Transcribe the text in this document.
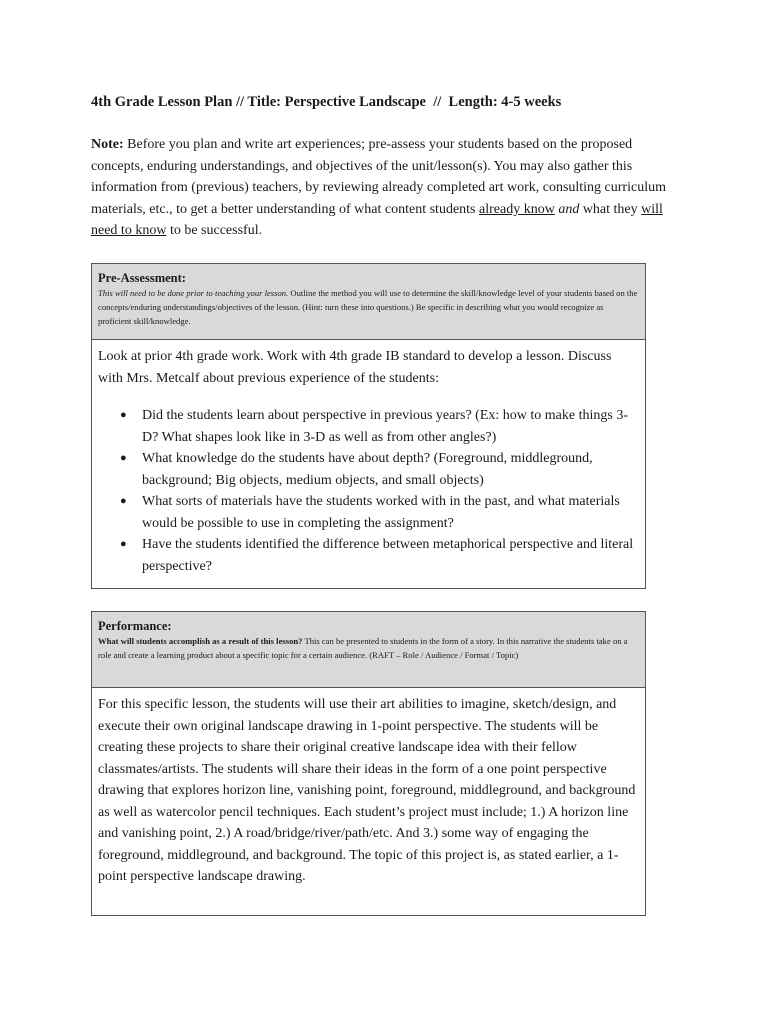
4th Grade Lesson Plan // Title: Perspective Landscape  //  Length: 4-5 weeks
Note: Before you plan and write art experiences; pre-assess your students based on the proposed concepts, enduring understandings, and objectives of the unit/lesson(s). You may also gather this information from (previous) teachers, by reviewing already completed art work, consulting curriculum materials, etc., to get a better understanding of what content students already know and what they will need to know to be successful.
Pre-Assessment:
This will need to be done prior to teaching your lesson. Outline the method you will use to determine the skill/knowledge level of your students based on the concepts/enduring understandings/objectives of the lesson. (Hint: turn these into questions.) Be specific in describing what you would recognize as proficient skill/knowledge.
Look at prior 4th grade work. Work with 4th grade IB standard to develop a lesson. Discuss with Mrs. Metcalf about previous experience of the students:
● Did the students learn about perspective in previous years? (Ex: how to make things 3-D? What shapes look like in 3-D as well as from other angles?)
● What knowledge do the students have about depth? (Foreground, middleground, background; Big objects, medium objects, and small objects)
● What sorts of materials have the students worked with in the past, and what materials would be possible to use in completing the assignment?
● Have the students identified the difference between metaphorical perspective and literal perspective?
Performance:
What will students accomplish as a result of this lesson? This can be presented to students in the form of a story. In this narrative the students take on a role and create a learning product about a specific topic for a certain audience. (RAFT – Role / Audience / Format / Topic)
For this specific lesson, the students will use their art abilities to imagine, sketch/design, and execute their own original landscape drawing in 1-point perspective. The students will be creating these projects to share their original creative landscape idea with their fellow classmates/artists. The students will share their ideas in the form of a one point perspective drawing that explores horizon line, vanishing point, foreground, middleground, and background as well as watercolor pencil techniques. Each student’s project must include; 1.) A horizon line and vanishing point, 2.) A road/bridge/river/path/etc. And 3.) some way of engaging the foreground, middleground, and background. The topic of this project is, as stated earlier, a 1-point perspective landscape drawing.
